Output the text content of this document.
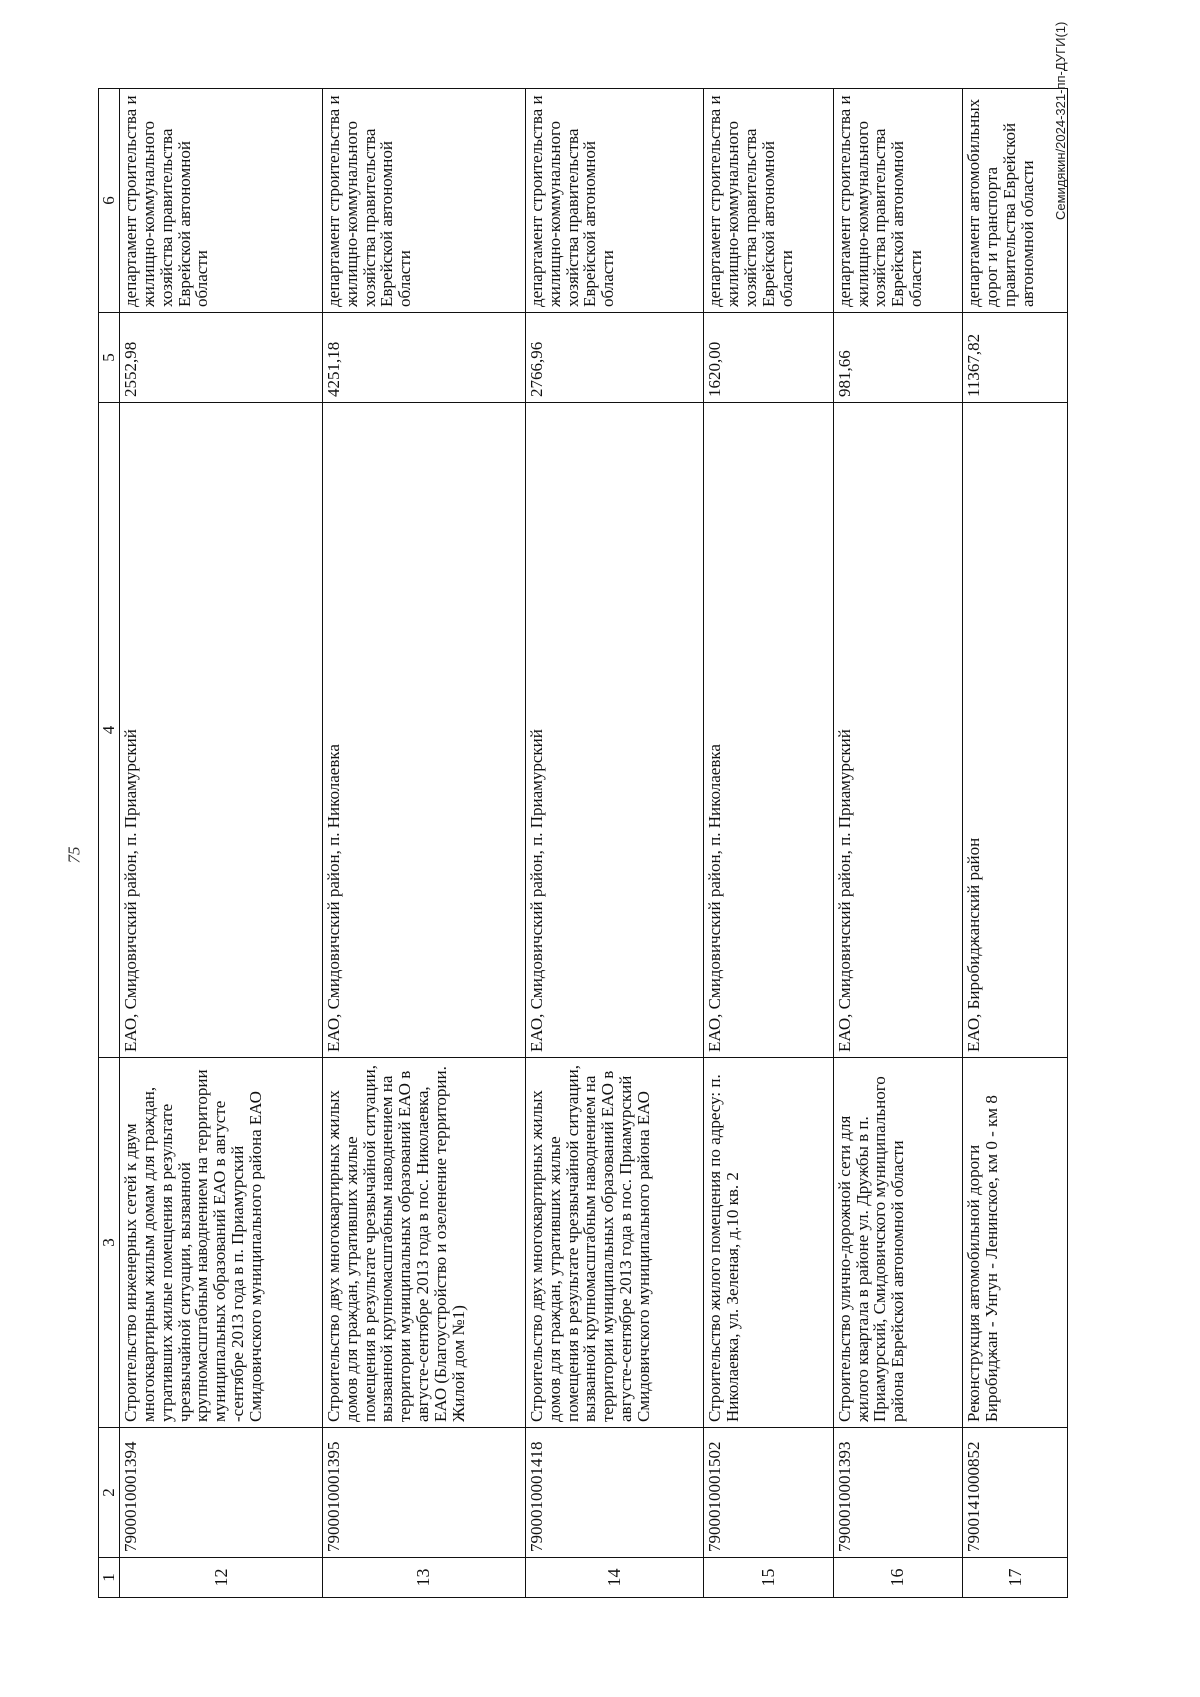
75
1	2	3	4	5	6
12	7900010001394	Строительство инженерных сетей к двум многоквартирным жилым домам для граждан, утративших жилые помещения в результате чрезвычайной ситуации, вызванной крупномасштабным наводнением на территории муниципальных образований ЕАО в августе -сентябре 2013 года в п. Приамурский Смидовичского муниципального района ЕАО	ЕАО, Смидовичский район, п. Приамурский	2552,98	департамент строительства и жилищно-коммунального хозяйства правительства Еврейской автономной области
13	7900010001395	Строительство двух многоквартирных жилых домов для граждан, утративших жилые помещения в результате чрезвычайной ситуации, вызванной крупномасштабным наводнением на территории муниципальных образований ЕАО в августе-сентябре 2013 года в пос. Николаевка, ЕАО (Благоустройство и озеленение территории. Жилой дом №1)	ЕАО, Смидовичский район, п. Николаевка	4251,18	департамент строительства и жилищно-коммунального хозяйства правительства Еврейской автономной области
14	7900010001418	Строительство двух многоквартирных жилых домов для граждан, утративших жилые помещения в результате чрезвычайной ситуации, вызванной крупномасштабным наводнением на территории муниципальных образований ЕАО в августе-сентябре 2013 года в пос. Приамурский Смидовичского муниципального района ЕАО	ЕАО, Смидовичский район, п. Приамурский	2766,96	департамент строительства и жилищно-коммунального хозяйства правительства Еврейской автономной области
15	7900010001502	Строительство жилого помещения по адресу: п. Николаевка, ул. Зеленая, д.10 кв. 2	ЕАО, Смидовичский район, п. Николаевка	1620,00	департамент строительства и жилищно-коммунального хозяйства правительства Еврейской автономной области
16	7900010001393	Строительство улично-дорожной сети для жилого квартала в районе ул. Дружбы в п. Приамурский, Смидовичского муниципального района Еврейской автономной области	ЕАО, Смидовичский район, п. Приамурский	981,66	департамент строительства и жилищно-коммунального хозяйства правительства Еврейской автономной области
17	7900141000852	Реконструкция автомобильной дороги Биробиджан - Унгун - Ленинское, км 0 - км 8	ЕАО, Биробиджанский район	11367,82	департамент автомобильных дорог и транспорта правительства Еврейской автономной области
Семидякин/2024-321-пп-ДУГИ(1)
